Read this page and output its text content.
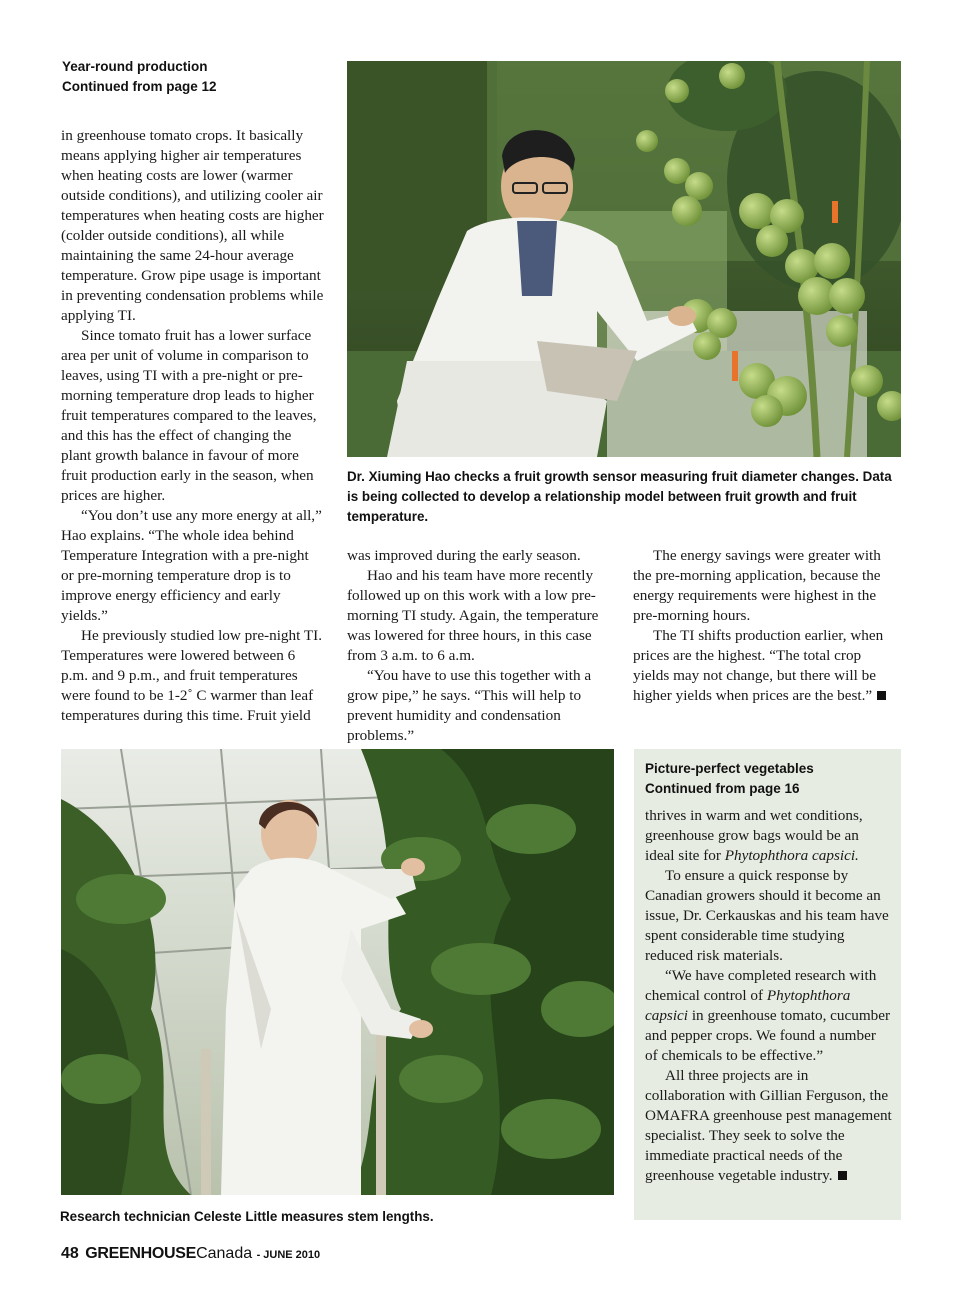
Year-round production
Continued from page 12

in greenhouse tomato crops. It basically means applying higher air temperatures when heating costs are lower (warmer outside conditions), and utilizing cooler air temperatures when heating costs are higher (colder outside conditions), all while maintaining the same 24-hour average temperature. Grow pipe usage is important in preventing condensation problems while applying TI.

Since tomato fruit has a lower surface area per unit of volume in comparison to leaves, using TI with a pre-night or pre-morning temperature drop leads to higher fruit temperatures compared to the leaves, and this has the effect of changing the plant growth balance in favour of more fruit production early in the season, when prices are higher.

“You don’t use any more energy at all,” Hao explains. “The whole idea behind Temperature Integration with a pre-night or pre-morning temperature drop is to improve energy efficiency and early yields.”

He previously studied low pre-night TI. Temperatures were lowered between 6 p.m. and 9 p.m., and fruit temperatures were found to be 1-2˚ C warmer than leaf temperatures during this time. Fruit yield

Dr. Xiuming Hao checks a fruit growth sensor measuring fruit diameter changes. Data is being collected to develop a relationship model between fruit growth and fruit temperature.

was improved during the early season.

Hao and his team have more recently followed up on this work with a low pre-morning TI study. Again, the temperature was lowered for three hours, in this case from 3 a.m. to 6 a.m.

“You have to use this together with a grow pipe,” he says. “This will help to prevent humidity and condensation problems.”

The energy savings were greater with the pre-morning application, because the energy requirements were highest in the pre-morning hours.

The TI shifts production earlier, when prices are the highest. “The total crop yields may not change, but there will be higher yields when prices are the best.”

Research technician Celeste Little measures stem lengths.
Picture-perfect vegetables
Continued from page 16

thrives in warm and wet conditions, greenhouse grow bags would be an ideal site for Phytophthora capsici.

To ensure a quick response by Canadian growers should it become an issue, Dr. Cerkauskas and his team have spent considerable time studying reduced risk materials.

“We have completed research with chemical control of Phytophthora capsici in greenhouse tomato, cucumber and pepper crops. We found a number of chemicals to be effective.”

All three projects are in collaboration with Gillian Ferguson, the OMAFRA greenhouse pest management specialist. They seek to solve the immediate practical needs of the greenhouse vegetable industry.

48 GREENHOUSECanada - JUNE 2010
